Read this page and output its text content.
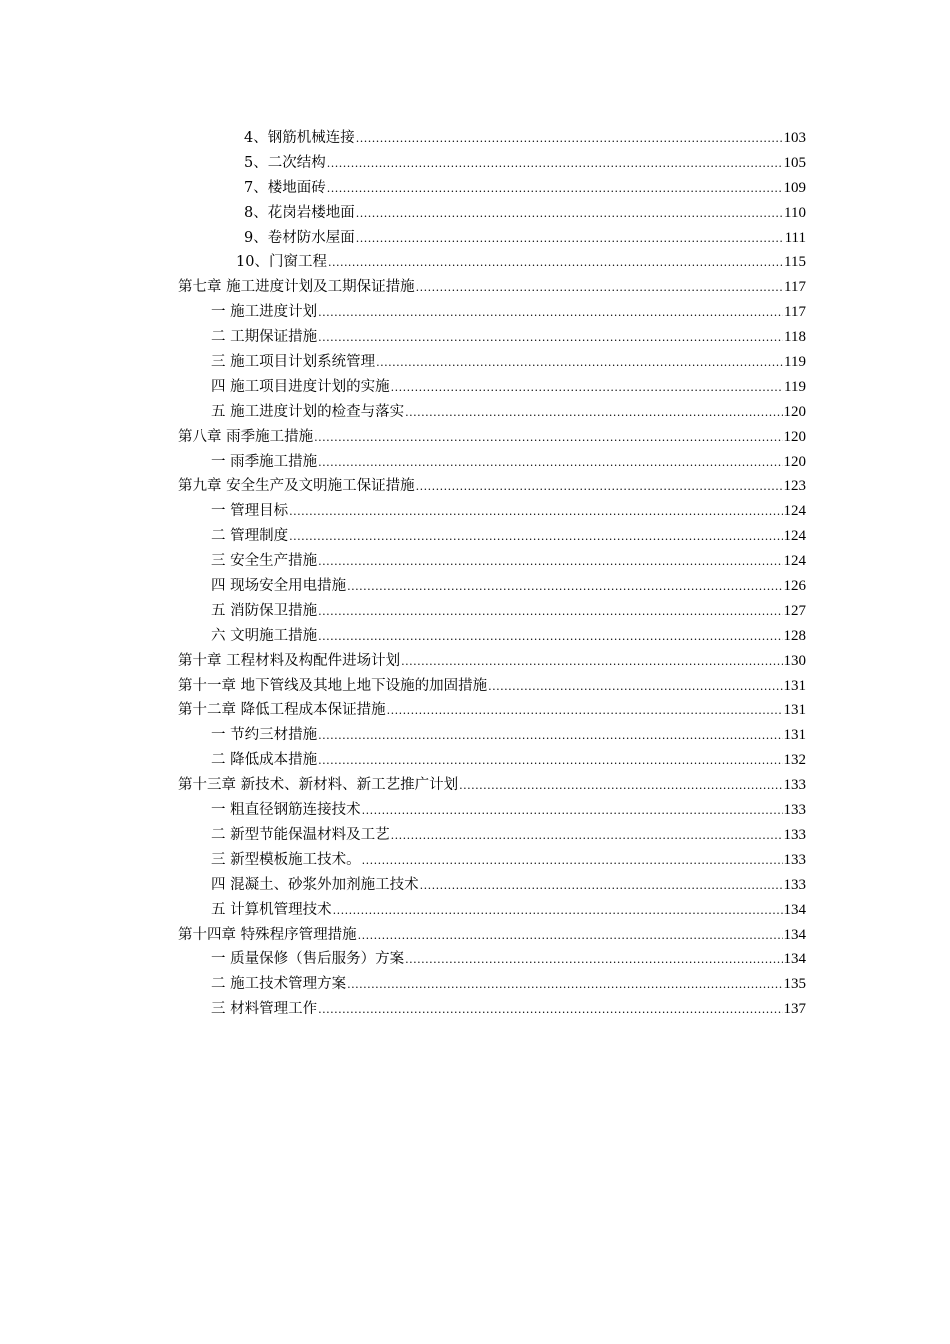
4、钢筋机械连接 .....	103
5、二次结构 .....	105
7、楼地面砖 .....	109
8、花岗岩楼地面 .....	110
9、卷材防水屋面 .....	111
10、门窗工程 .....	115
第七章 施工进度计划及工期保证措施 .....	117
一 施工进度计划 .....	117
二 工期保证措施 .....	118
三 施工项目计划系统管理 .....	119
四 施工项目进度计划的实施 .....	119
五 施工进度计划的检查与落实 .....	120
第八章 雨季施工措施 .....	120
一 雨季施工措施 .....	120
第九章 安全生产及文明施工保证措施 .....	123
一 管理目标 .....	124
二 管理制度 .....	124
三 安全生产措施 .....	124
四 现场安全用电措施 .....	126
五 消防保卫措施 .....	127
六 文明施工措施 .....	128
第十章 工程材料及构配件进场计划 .....	130
第十一章 地下管线及其地上地下设施的加固措施 .....	131
第十二章 降低工程成本保证措施 .....	131
一 节约三材措施 .....	131
二 降低成本措施 .....	132
第十三章 新技术、新材料、新工艺推广计划 .....	133
一 粗直径钢筋连接技术 .....	133
二 新型节能保温材料及工艺 .....	133
三 新型模板施工技术。 .....	133
四 混凝土、砂浆外加剂施工技术 .....	133
五 计算机管理技术 .....	134
第十四章 特殊程序管理措施 .....	134
一 质量保修（售后服务）方案 .....	134
二 施工技术管理方案 .....	135
三 材料管理工作 .....	137
